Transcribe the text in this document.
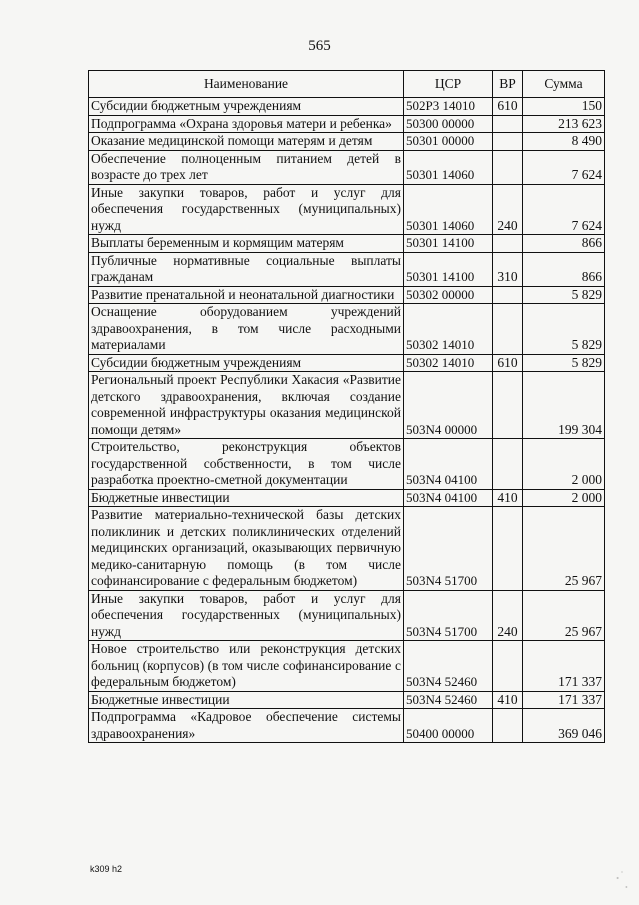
565
Наименование	ЦСР	ВР	Сумма
Субсидии бюджетным учреждениям	502Р3 14010	610	150
Подпрограмма «Охрана здоровья матери и ребенка»	50300 00000		213 623
Оказание медицинской помощи матерям и детям	50301 00000		8 490
Обеспечение полноценным питанием детей в возрасте до трех лет	50301 14060		7 624
Иные закупки товаров, работ и услуг для обеспечения государственных (муниципальных) нужд	50301 14060	240	7 624
Выплаты беременным и кормящим матерям	50301 14100		866
Публичные нормативные социальные выплаты гражданам	50301 14100	310	866
Развитие пренатальной и неонатальной диагностики	50302 00000		5 829
Оснащение оборудованием учреждений здравоохранения, в том числе расходными материалами	50302 14010		5 829
Субсидии бюджетным учреждениям	50302 14010	610	5 829
Региональный проект Республики Хакасия «Развитие детского здравоохранения, включая создание современной инфраструктуры оказания медицинской помощи детям»	503N4 00000		199 304
Строительство, реконструкция объектов государственной собственности, в том числе разработка проектно-сметной документации	503N4 04100		2 000
Бюджетные инвестиции	503N4 04100	410	2 000
Развитие материально-технической базы детских поликлиник и детских поликлинических отделений медицинских организаций, оказывающих первичную медико-санитарную помощь (в том числе софинансирование с федеральным бюджетом)	503N4 51700		25 967
Иные закупки товаров, работ и услуг для обеспечения государственных (муниципальных) нужд	503N4 51700	240	25 967
Новое строительство или реконструкция детских больниц (корпусов) (в том числе софинансирование с федеральным бюджетом)	503N4 52460		171 337
Бюджетные инвестиции	503N4 52460	410	171 337
Подпрограмма «Кадровое обеспечение системы здравоохранения»	50400 00000		369 046
k309 h2
